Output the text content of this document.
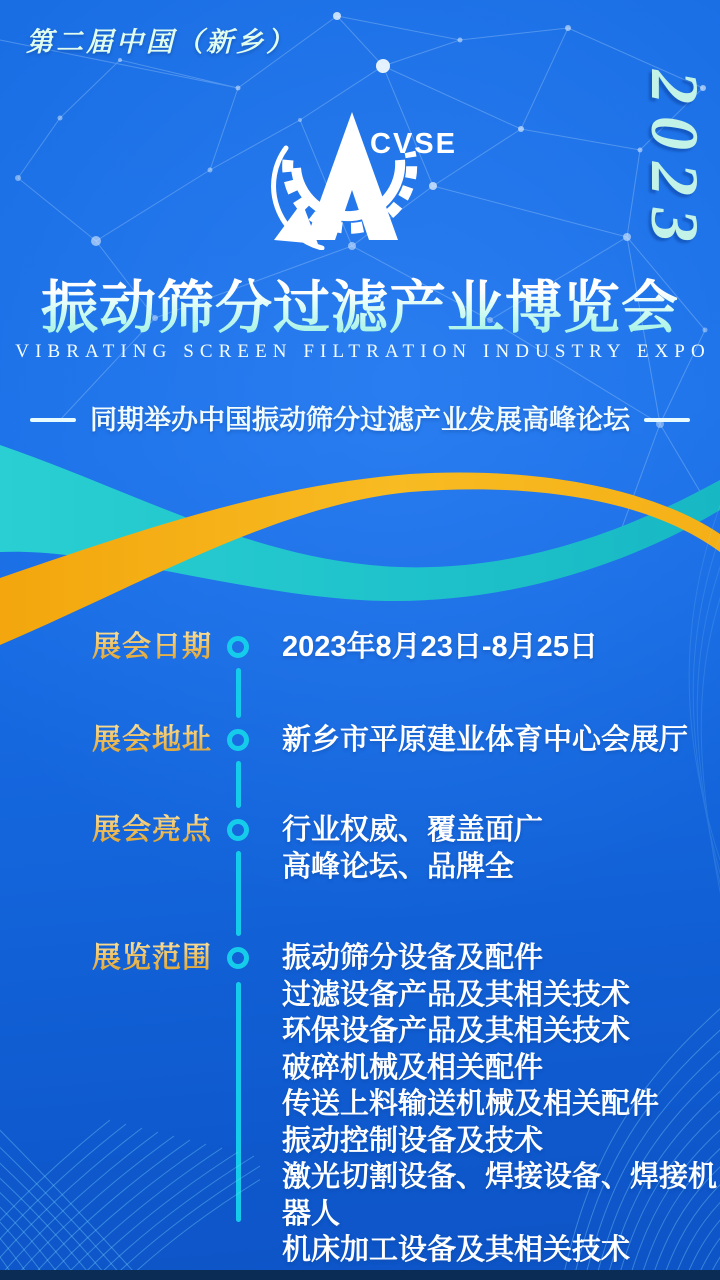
第二届中国（新乡）
2023
CVSE
振动筛分过滤产业博览会
VIBRATING SCREEN FILTRATION INDUSTRY EXPO
同期举办中国振动筛分过滤产业发展高峰论坛
展会日期 2023年8月23日-8月25日
展会地址 新乡市平原建业体育中心会展厅
展会亮点 行业权威、覆盖面广
高峰论坛、品牌全
展览范围 振动筛分设备及配件
过滤设备产品及其相关技术
环保设备产品及其相关技术
破碎机械及相关配件
传送上料输送机械及相关配件
振动控制设备及技术
激光切割设备、焊接设备、焊接机器人
机床加工设备及其相关技术
